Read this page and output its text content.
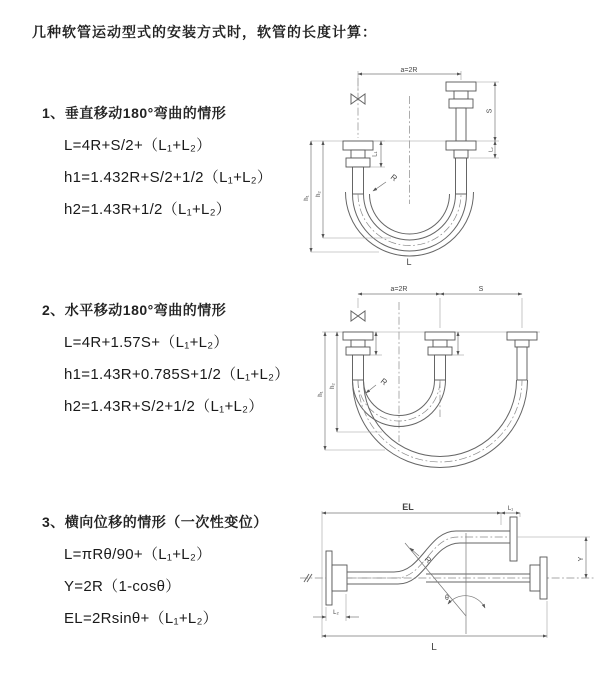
几种软管运动型式的安装方式时，软管的长度计算：
1、垂直移动180°弯曲的情形
L=4R+S/2+（L₁+L₂）
h1=1.432R+S/2+1/2（L₁+L₂）
h2=1.43R+1/2（L₁+L₂）
a=2R
L₁
S
L₂
R
h₁
h₂
L
2、水平移动180°弯曲的情形
L=4R+1.57S+（L₁+L₂）
h1=1.43R+0.785S+1/2（L₁+L₂）
h2=1.43R+S/2+1/2（L₁+L₂）
a=2R	S
R
h₁
h₂
3、横向位移的情形（一次性变位）
L=πRθ/90+（L₁+L₂）
Y=2R（1-cosθ）
EL=2Rsinθ+（L₁+L₂）
θ
R
EL	L₁
Y
L
L₂
